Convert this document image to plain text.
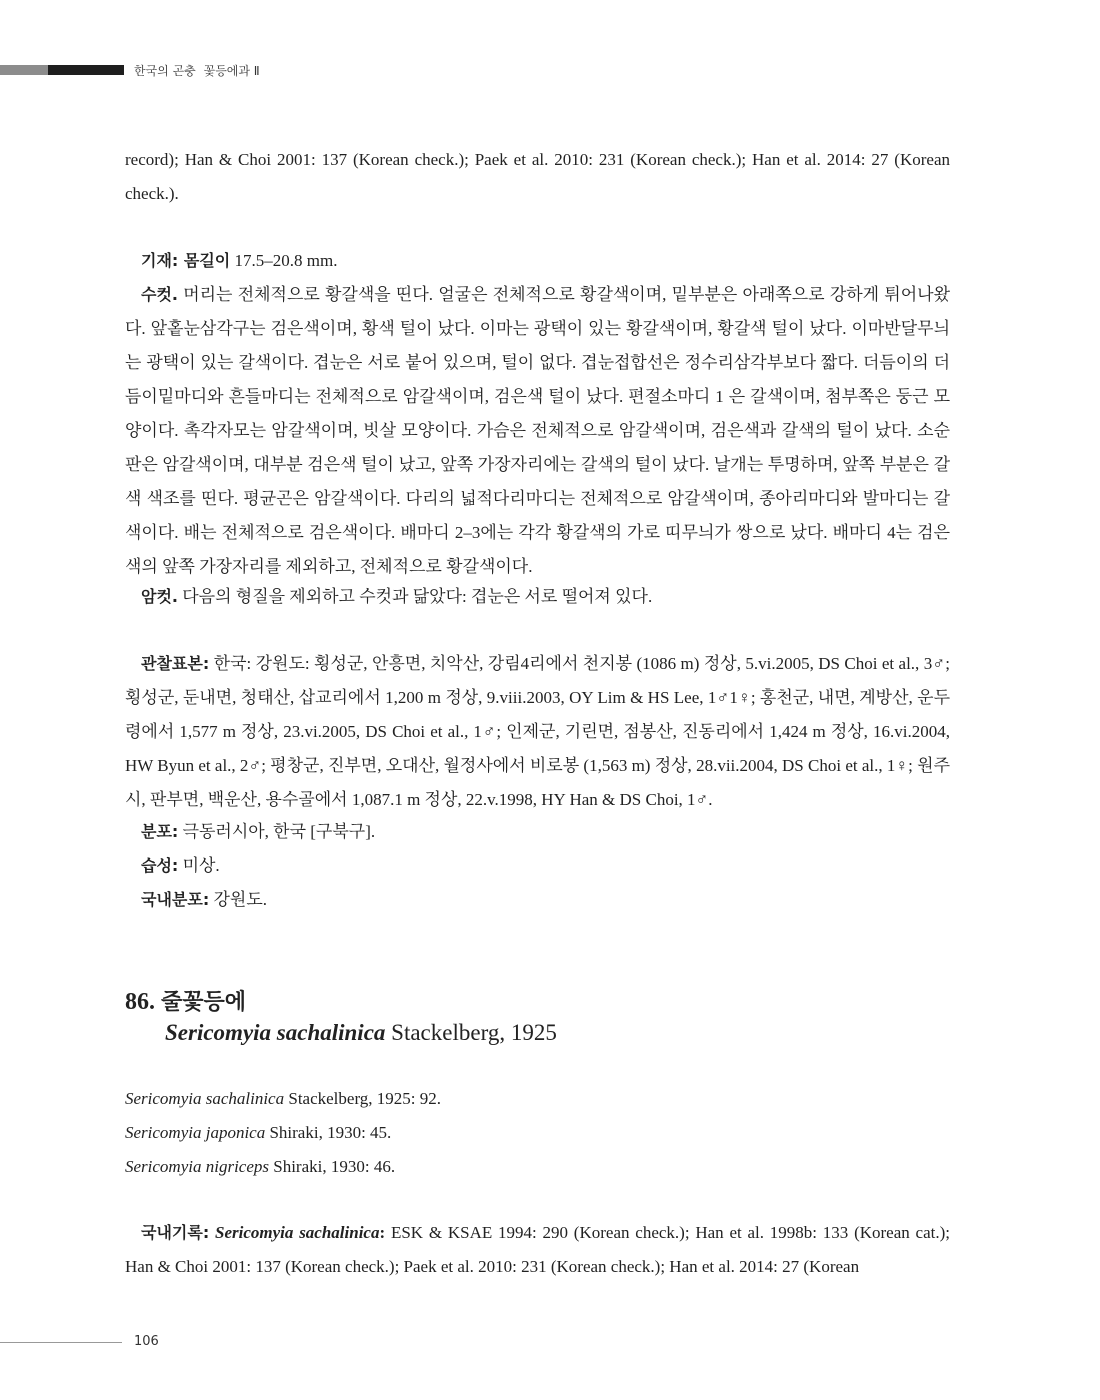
한국의 곤충 꽃등에과 Ⅱ

record); Han & Choi 2001: 137 (Korean check.); Paek et al. 2010: 231 (Korean check.); Han et al. 2014: 27 (Korean check.).

기재: 몸길이 17.5–20.8 mm.

수컷. 머리는 전체적으로 황갈색을 띤다. 얼굴은 전체적으로 황갈색이며, 밑부분은 아래쪽으로 강하게 튀어나왔다. 앞홑눈삼각구는 검은색이며, 황색 털이 났다. 이마는 광택이 있는 황갈색이며, 황갈색 털이 났다. 이마반달무늬는 광택이 있는 갈색이다. 겹눈은 서로 붙어 있으며, 털이 없다. 겹눈접합선은 정수리삼각부보다 짧다. 더듬이의 더듬이밑마디와 흔들마디는 전체적으로 암갈색이며, 검은색 털이 났다. 편절소마디 1 은 갈색이며, 첨부쪽은 둥근 모양이다. 촉각자모는 암갈색이며, 빗살 모양이다. 가슴은 전체적으로 암갈색이며, 검은색과 갈색의 털이 났다. 소순판은 암갈색이며, 대부분 검은색 털이 났고, 앞쪽 가장자리에는 갈색의 털이 났다. 날개는 투명하며, 앞쪽 부분은 갈색 색조를 띤다. 평균곤은 암갈색이다. 다리의 넓적다리마디는 전체적으로 암갈색이며, 종아리마디와 발마디는 갈색이다. 배는 전체적으로 검은색이다. 배마디 2–3에는 각각 황갈색의 가로 띠무늬가 쌍으로 났다. 배마디 4는 검은색의 앞쪽 가장자리를 제외하고, 전체적으로 황갈색이다.

암컷. 다음의 형질을 제외하고 수컷과 닮았다: 겹눈은 서로 떨어져 있다.

관찰표본: 한국: 강원도: 횡성군, 안흥면, 치악산, 강림4리에서 천지봉 (1086 m) 정상, 5.vi.2005, DS Choi et al., 3♂; 횡성군, 둔내면, 청태산, 삽교리에서 1,200 m 정상, 9.viii.2003, OY Lim & HS Lee, 1♂1♀; 홍천군, 내면, 계방산, 운두령에서 1,577 m 정상, 23.vi.2005, DS Choi et al., 1♂; 인제군, 기린면, 점봉산, 진동리에서 1,424 m 정상, 16.vi.2004, HW Byun et al., 2♂; 평창군, 진부면, 오대산, 월정사에서 비로봉 (1,563 m) 정상, 28.vii.2004, DS Choi et al., 1♀; 원주시, 판부면, 백운산, 용수골에서 1,087.1 m 정상, 22.v.1998, HY Han & DS Choi, 1♂.

분포: 극동러시아, 한국 [구북구].

습성: 미상.

국내분포: 강원도.

86. 줄꽃등에
Sericomyia sachalinica Stackelberg, 1925
Sericomyia sachalinica Stackelberg, 1925: 92.
Sericomyia japonica Shiraki, 1930: 45.
Sericomyia nigriceps Shiraki, 1930: 46.

국내기록: Sericomyia sachalinica: ESK & KSAE 1994: 290 (Korean check.); Han et al. 1998b: 133 (Korean cat.); Han & Choi 2001: 137 (Korean check.); Paek et al. 2010: 231 (Korean check.); Han et al. 2014: 27 (Korean

106
